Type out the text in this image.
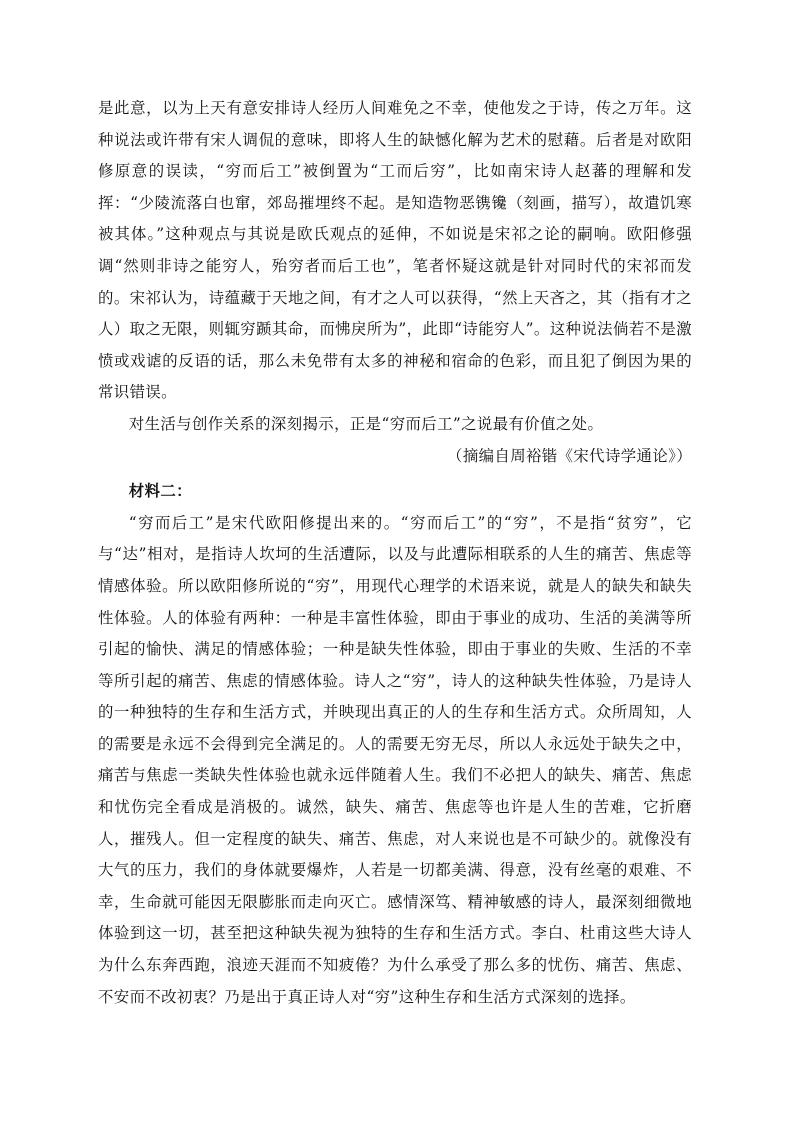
是此意，以为上天有意安排诗人经历人间难免之不幸，使他发之于诗，传之万年。这种说法或许带有宋人调侃的意味，即将人生的缺憾化解为艺术的慰藉。后者是对欧阳修原意的误读，“穷而后工”被倒置为“工而后穷”，比如南宋诗人赵蕃的理解和发挥：“少陵流落白也窜，郊岛摧埋终不起。是知造物恶镌镵（刻画，描写），故遣饥寒被其体。”这种观点与其说是欧氏观点的延伸，不如说是宋祁之论的嗣响。欧阳修强调“然则非诗之能穷人，殆穷者而后工也”，笔者怀疑这就是针对同时代的宋祁而发的。宋祁认为，诗蕴藏于天地之间，有才之人可以获得，“然上天吝之，其（指有才之人）取之无限，则辄穷踬其命，而怫戾所为”，此即“诗能穷人”。这种说法倘若不是激愤或戏谑的反语的话，那么未免带有太多的神秘和宿命的色彩，而且犯了倒因为果的常识错误。

对生活与创作关系的深刻揭示，正是“穷而后工”之说最有价值之处。

（摘编自周裕锴《宋代诗学通论》）

材料二：

“穷而后工”是宋代欧阳修提出来的。“穷而后工”的“穷”，不是指“贫穷”，它与“达”相对，是指诗人坎坷的生活遭际，以及与此遭际相联系的人生的痛苦、焦虑等情感体验。所以欧阳修所说的“穷”，用现代心理学的术语来说，就是人的缺失和缺失性体验。人的体验有两种：一种是丰富性体验，即由于事业的成功、生活的美满等所引起的愉快、满足的情感体验；一种是缺失性体验，即由于事业的失败、生活的不幸等所引起的痛苦、焦虑的情感体验。诗人之“穷”，诗人的这种缺失性体验，乃是诗人的一种独特的生存和生活方式，并映现出真正的人的生存和生活方式。众所周知，人的需要是永远不会得到完全满足的。人的需要无穷无尽，所以人永远处于缺失之中，痛苦与焦虑一类缺失性体验也就永远伴随着人生。我们不必把人的缺失、痛苦、焦虑和忧伤完全看成是消极的。诚然，缺失、痛苦、焦虑等也许是人生的苦难，它折磨人，摧残人。但一定程度的缺失、痛苦、焦虑，对人来说也是不可缺少的。就像没有大气的压力，我们的身体就要爆炸，人若是一切都美满、得意，没有丝毫的艰难、不幸，生命就可能因无限膨胀而走向灭亡。感情深笃、精神敏感的诗人，最深刻细微地体验到这一切，甚至把这种缺失视为独特的生存和生活方式。李白、杜甫这些大诗人为什么东奔西跑，浪迹天涯而不知疲倦？为什么承受了那么多的忧伤、痛苦、焦虑、不安而不改初衷？乃是出于真正诗人对“穷”这种生存和生活方式深刻的选择。
